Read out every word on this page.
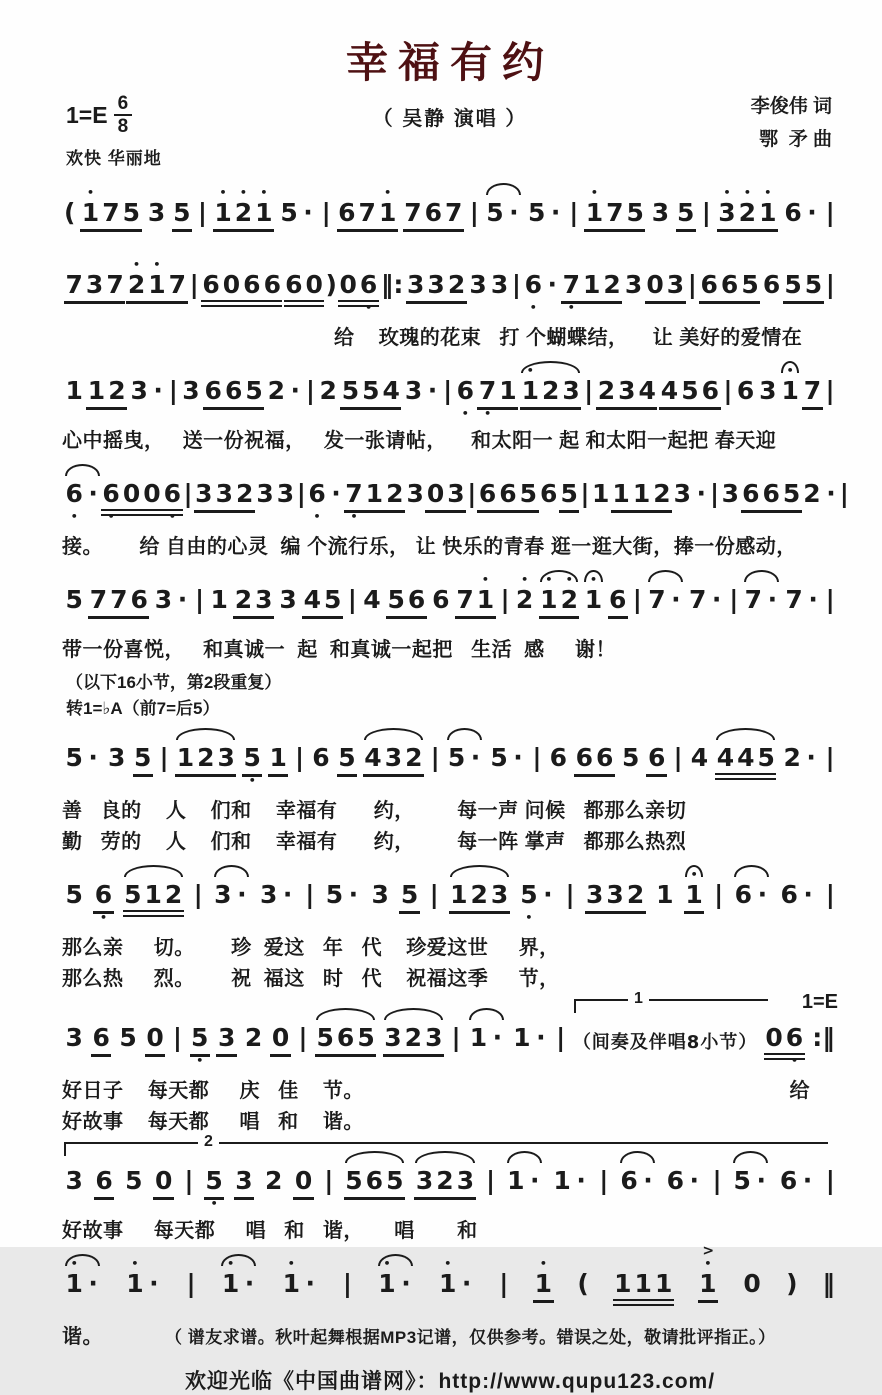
幸福有约
（ 吴静 演唱 ）
1=E 6
8
欢快 华丽地
李俊伟 词
鄂  矛 曲
( • 1 7 5 3 5 | • 1 • 2 • 1 5 · | 6 7 • 1 7 6 7 | 5 · 5 · | • 1 7 5 3 5 | • 3 • 2 • 1 6 · |
7 3 7 • 2 • 1 7 | 6 0 6 6 6 0 ) 0 6 • ‖: 3 3 2 3 3 | 6 • · 7 • 1 2 3 0 3 | 6 6 5 6 5 5 |
给    玫瑰的花束   打 个蝴蝶结，    让 美好的爱情在
1 1 2 3 · | 3 6 6 5 2 · | 2 5 5 4 3 · | 6 • 7 • 1 • 1 2 3 | 2 3 4 4 5 6 | 6 3 • 1 7 |
心中摇曳，   送一份祝福，   发一张请帖，    和太阳一 起 和太阳一起把 春天迎
6 • · 6 • 0 0 6 • | 3 3 2 3 3 | 6 • · 7 • 1 2 3 0 3 | 6 6 5 6 5 | 1 1 1 2 3 · | 3 6 6 5 2 · |
接。      给 自由的心灵  编 个流行乐， 让 快乐的青春 逛一逛大街，捧一份感动，
5 7 7 6 3 · | 1 2 3 3 4 5 | 4 5 6 6 7 • 1 | • 2 • 1 • 2 • 1 6 | 7 · 7 · | 7 · 7 · |
带一份喜悦，   和真诚一  起  和真诚一起把   生活  感     谢！
（以下16小节，第2段重复）
转1=♭A（前7=后5）
5 · 3 5 | 1 2 3 5 • 1 | 6 5 4 3 2 | 5 · 5 · | 6 6 6 5 6 | 4 4 4 5 2 · |
善   良的    人    们和    幸福有      约，       每一声 问候   都那么亲切
勤   劳的    人    们和    幸福有      约，       每一阵 掌声   都那么热烈
5 6 • 5 1 2 | 3 · 3 · | 5 · 3 5 | 1 2 3 5 • · | 3 3 2 1 • 1 | 6 · 6 · |
那么亲     切。      珍  爱这   年   代    珍爱这世     界，
那么热     烈。      祝  福这   时   代    祝福这季     节，
1	1=E
3 6 5 0 | 5 • 3 2 0 | 5 6 5 3 2 3 | 1 · 1 · | （间奏及伴唱8小节） 0 6 • :‖
好日子    每天都     庆   佳    节。	给
好故事    每天都     唱   和    谐。
2
3 6 5 0 | 5 • 3 2 0 | 5 6 5 3 2 3 | 1 · 1 · | 6 · 6 · | 5 · 6 · |
好故事     每天都     唱   和   谐，     唱       和
• 1 · • 1 · | • 1 · • 1 · | • 1 · • 1 · | • 1 ( 1 1 1 • 1
>
0 ) ‖
谐。	（ 谱友求谱。秋叶起舞根据MP3记谱，仅供参考。错误之处，敬请批评指正。）
欢迎光临《中国曲谱网》：http://www.qupu123.com/
